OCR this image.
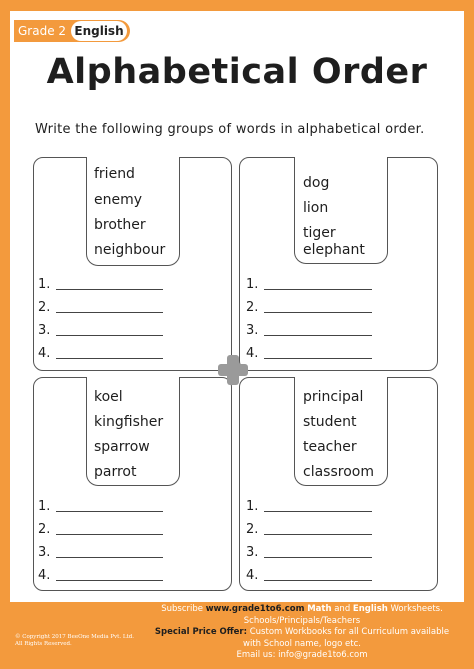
Grade 2 English
Alphabetical Order
Write the following groups of words in alphabetical order.
friend
enemy
brother
neighbour
1.
2.
3.
4.
dog
lion
tiger
elephant
1.
2.
3.
4.
koel
kingfisher
sparrow
parrot
1.
2.
3.
4.
principal
student
teacher
classroom
1.
2.
3.
4.
© Copyright 2017 BeeOne Media Pvt. Ltd.
All Rights Reserved.
Subscribe www.grade1to6.com Math and English Worksheets.
Schools/Principals/Teachers
Special Price Offer: Custom Workbooks for all Curriculum available
with School name, logo etc.
Email us: info@grade1to6.com
